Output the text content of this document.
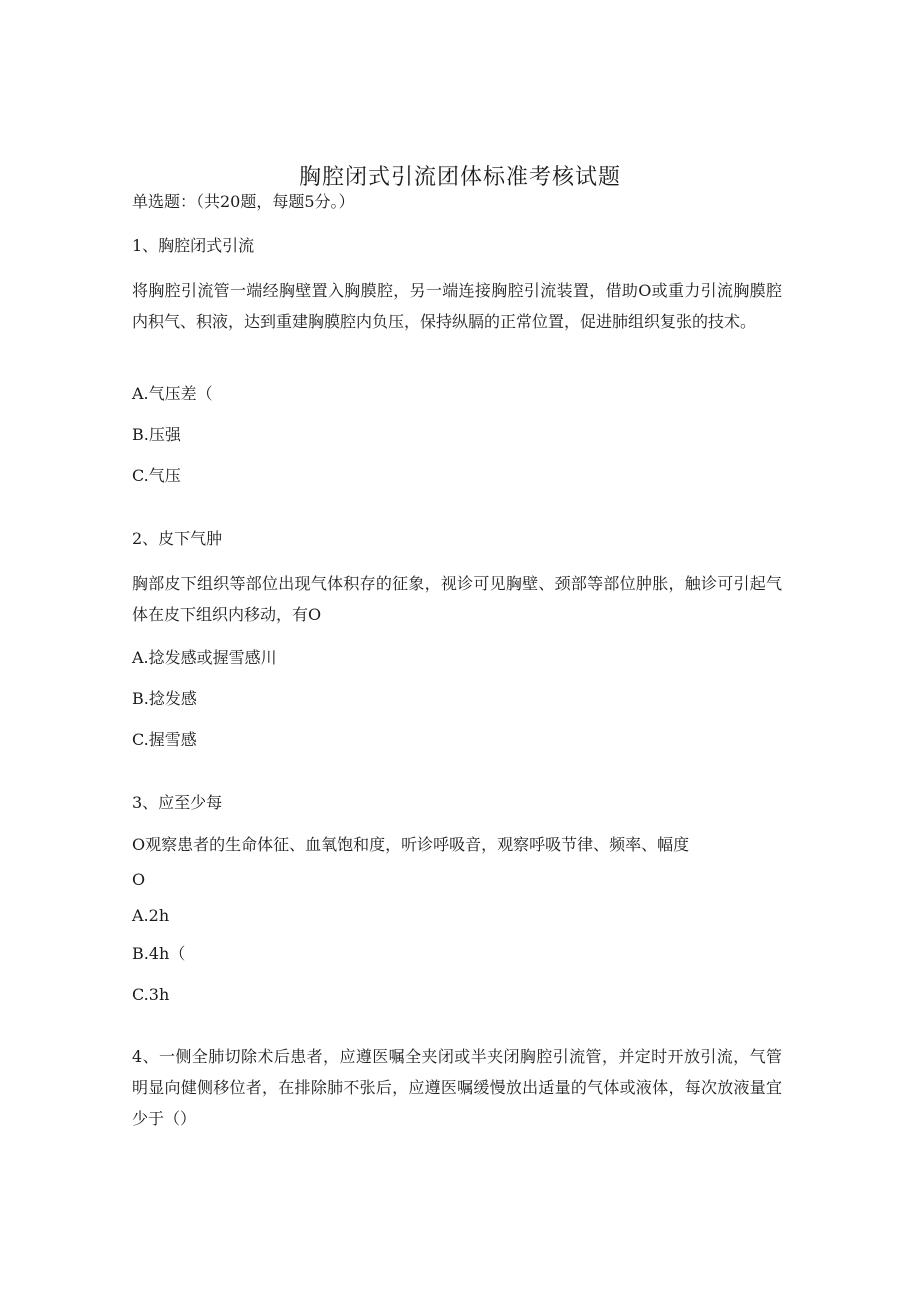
胸腔闭式引流团体标准考核试题
单选题：（共20题，每题5分。）
1、胸腔闭式引流
将胸腔引流管一端经胸壁置入胸膜腔，另一端连接胸腔引流装置，借助O或重力引流胸膜腔内积气、积液，达到重建胸膜腔内负压，保持纵膈的正常位置，促进肺组织复张的技术。
A.气压差（
B.压强
C.气压
2、皮下气肿
胸部皮下组织等部位出现气体积存的征象，视诊可见胸壁、颈部等部位肿胀，触诊可引起气体在皮下组织内移动，有O
A.捻发感或握雪感川
B.捻发感
C.握雪感
3、应至少每
O观察患者的生命体征、血氧饱和度，听诊呼吸音，观察呼吸节律、频率、幅度
O
A.2h
B.4h（
C.3h
4、一侧全肺切除术后患者，应遵医嘱全夹闭或半夹闭胸腔引流管，并定时开放引流，气管明显向健侧移位者，在排除肺不张后，应遵医嘱缓慢放出适量的气体或液体，每次放液量宜少于（）
